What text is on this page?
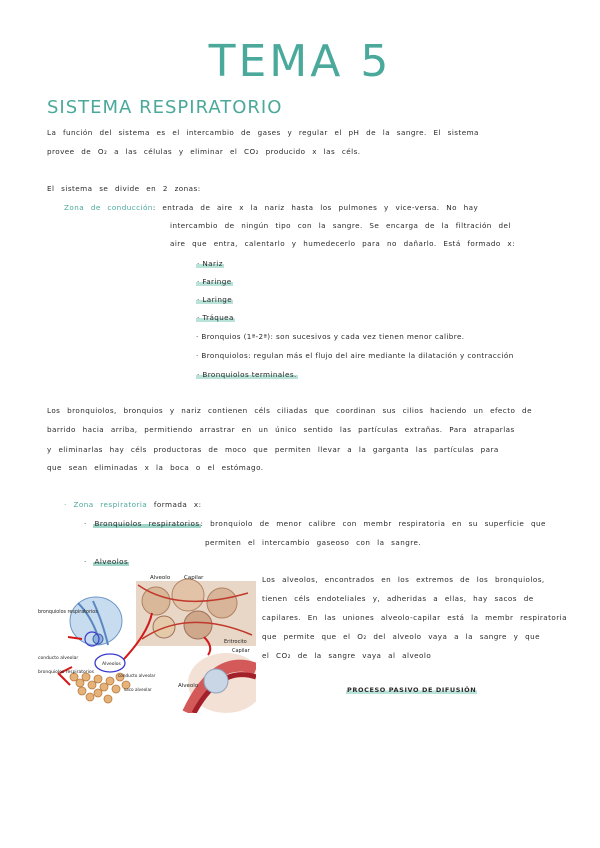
TEMA 5
SISTEMA RESPIRATORIO
La función del sistema es el intercambio de gases y regular el pH de la sangre. El sistema
provee de O₂ a las células y eliminar el CO₂ producido x las céls.
El sistema se divide en 2 zonas:
Zona de conducción: entrada de aire x la nariz hasta los pulmones y vice-versa. No hay
intercambio de ningún tipo con la sangre. Se encarga de la filtración del
aire que entra, calentarlo y humedecerlo para no dañarlo. Está formado x:
· Nariz
· Faringe
· Laringe
· Tráquea
· Bronquios (1ª-2ª): son sucesivos y cada vez tienen menor calibre.
· Bronquiolos: regulan más el flujo del aire mediante la dilatación y contracción
· Bronquiolos terminales.
Los bronquiolos, bronquios y nariz contienen céls ciliadas que coordinan sus cilios haciendo un efecto de
barrido hacia arriba, permitiendo arrastrar en un único sentido las partículas extrañas. Para atraparlas
y eliminarlas hay céls productoras de moco que permiten llevar a la garganta las partículas para
que sean eliminadas x la boca o el estómago.
· Zona respiratoria formada x:
· Bronquiolos respiratorios: bronquiolo de menor calibre con membr respiratoria en su superficie que
permiten el intercambio gaseoso con la sangre.
· Alveolos
Alveolo	Capilar
bronquiolos respiratorios
Alveolos
conducto alveolar
saco alveolar
conducto alveolar
bronquiolos respiratorios
Eritrocito
Capilar
Alveolo
Los alveolos, encontrados en los extremos de los bronquiolos,
tienen céls endoteliales y, adheridas a ellas, hay sacos de
capilares. En las uniones alveolo-capilar está la membr respiratoria
que permite que el O₂ del alveolo vaya a la sangre y que
el CO₂ de la sangre vaya al alveolo
PROCESO PASIVO DE DIFUSIÓN
